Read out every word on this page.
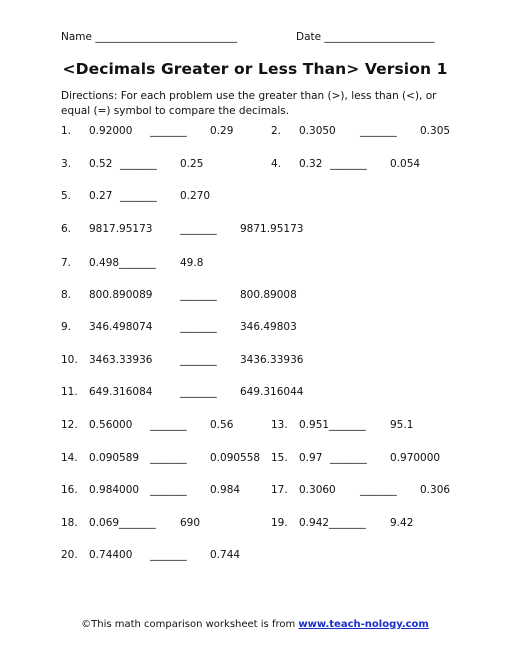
Name ___________________________	Date _____________________
<Decimals Greater or Less Than> Version 1
Directions: For each problem use the greater than (>), less than (<), or equal (=) symbol to compare the decimals.
1. 0.92000 _______ 0.29	2. 0.3050 _______ 0.305
3. 0.52 _______ 0.25	4. 0.32 _______ 0.054
5. 0.27 _______ 0.270
6. 9817.95173	_______ 9871.95173
7. 0.498_______ 49.8
8. 800.890089	_______ 800.89008
9. 346.498074	_______ 346.49803
10. 3463.33936	_______ 3436.33936
11. 649.316084	_______ 649.316044
12. 0.56000 _______ 0.56	13. 0.951_______ 95.1
14. 0.090589 _______ 0.090558 15. 0.97 _______ 0.970000
16. 0.984000 _______ 0.984	17. 0.3060 _______ 0.306
18. 0.069_______ 690	19. 0.942_______ 9.42
20. 0.74400 _______ 0.744
©This math comparison worksheet is from www.teach-nology.com
